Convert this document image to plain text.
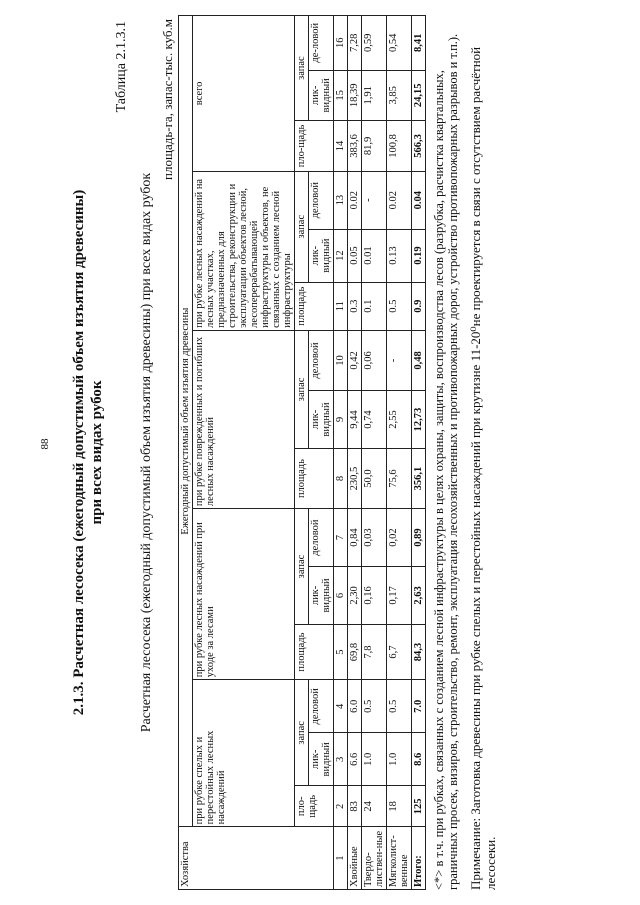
88 2.1.3. Расчетная лесосека (ежегодный допустимый объем изъятия древесины) при всех видах рубок

Таблица 2.1.3.1
Расчетная лесосека (ежегодный допустимый объем изъятия древесины) при всех видах рубок
площадь-га, запас-тыс. куб.м
Хозяйства	Ежегодный допустимый объем изъятия древесины														
	при рубке спелых и перестойных лесных насаждений			при рубке лесных насаждений при уходе за лесами			при рубке поврежденных и погибших лесных насаждений			при рубке лесных насаждений на лесных участках, предназначенных для строительства, реконструкции и эксплуатации объектов лесной, лесоперерабатывающей инфраструктуры и объектов, не связанных с созданием лесной инфраструктуры			всего		
	пло-щадь	запас		площадь	запас		площадь	запас		площадь	запас		пло-щадь	запас	
		лик-видный	деловой		лик-видный	деловой		лик-видный	деловой		лик-видный	деловой		лик-видный	де-ловой
1	2	3	4	5	6	7	8	9	10	11	12	13	14	15	16
Хвойные	83	6.6	6.0	69,8	2,30	0,84	230,5	9,44	0,42	0.3	0.05	0.02	383,6	18,39	7,28
Твердо-листвен-ные	24	1.0	0.5	7,8	0,16	0,03	50,0	0,74	0,06	0.1	0.01	-	81,9	1,91	0,59
Мягколист-венные	18	1.0	0.5	6,7	0,17	0,02	75,6	2,55	-	0.5	0.13	0.02	100,8	3,85	0,54
Итого:	125	8.6	7.0	84,3	2,63	0,89	356,1	12,73	0,48	0.9	0.19	0.04	566,3	24,15	8,41
<*> в т.ч. при рубках, связанных с созданием лесной инфраструктуры в целях охраны, защиты, воспроизводства лесов (разрубка, расчистка квартальных, граничных просек, визиров, строительство, ремонт, эксплуатация лесохозяйственных и противопожарных дорог, устройство противопожарных разрывов и т.п.). Примечание: Заготовка древесины при рубке спелых и перестойных насаждений при крутизне 11-20⁰не проектируется в связи с отсутствием расчётной лесосеки.
